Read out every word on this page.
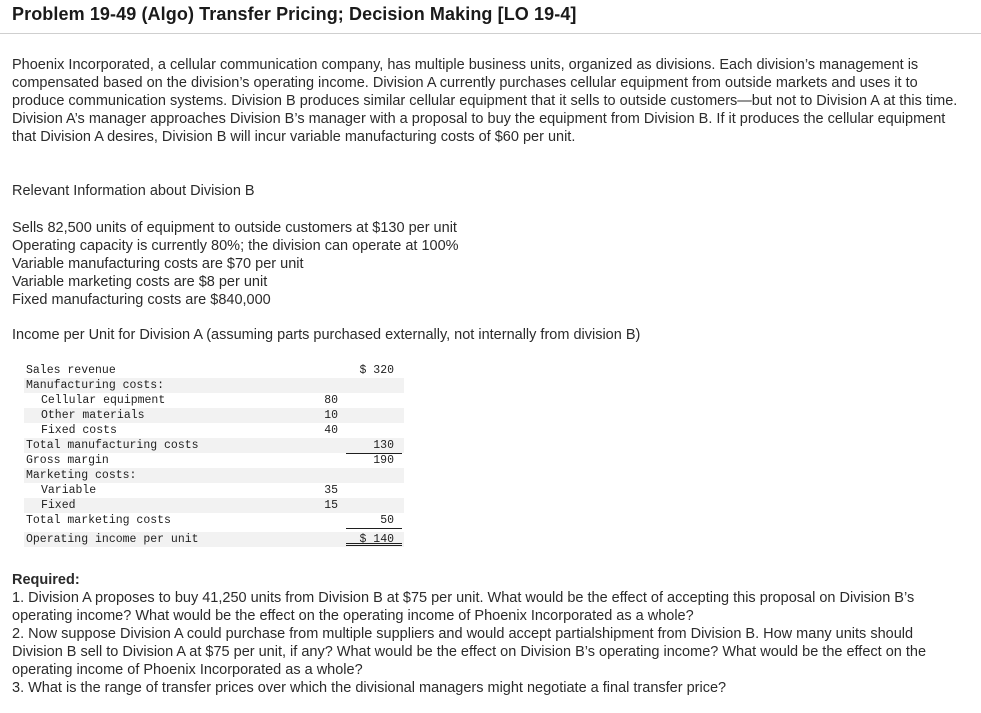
Problem 19-49 (Algo) Transfer Pricing; Decision Making [LO 19-4]

Phoenix Incorporated, a cellular communication company, has multiple business units, organized as divisions. Each division’s management is compensated based on the division’s operating income. Division A currently purchases cellular equipment from outside markets and uses it to produce communication systems. Division B produces similar cellular equipment that it sells to outside customers—but not to Division A at this time. Division A’s manager approaches Division B’s manager with a proposal to buy the equipment from Division B. If it produces the cellular equipment that Division A desires, Division B will incur variable manufacturing costs of $60 per unit.

Relevant Information about Division B

Sells 82,500 units of equipment to outside customers at $130 per unit
Operating capacity is currently 80%; the division can operate at 100%
Variable manufacturing costs are $70 per unit
Variable marketing costs are $8 per unit
Fixed manufacturing costs are $840,000

Income per Unit for Division A (assuming parts purchased externally, not internally from division B)

Sales revenue	$ 320
Manufacturing costs:
Cellular equipment	80
Other materials	10
Fixed costs	40
Total manufacturing costs	130
Gross margin	190
Marketing costs:
Variable	35
Fixed	15
Total marketing costs	50
Operating income per unit	$ 140
Required:
1. Division A proposes to buy 41,250 units from Division B at $75 per unit. What would be the effect of accepting this proposal on Division B’s operating income? What would be the effect on the operating income of Phoenix Incorporated as a whole?
2. Now suppose Division A could purchase from multiple suppliers and would accept partialshipment from Division B. How many units should Division B sell to Division A at $75 per unit, if any? What would be the effect on Division B’s operating income? What would be the effect on the operating income of Phoenix Incorporated as a whole?
3. What is the range of transfer prices over which the divisional managers might negotiate a final transfer price?
